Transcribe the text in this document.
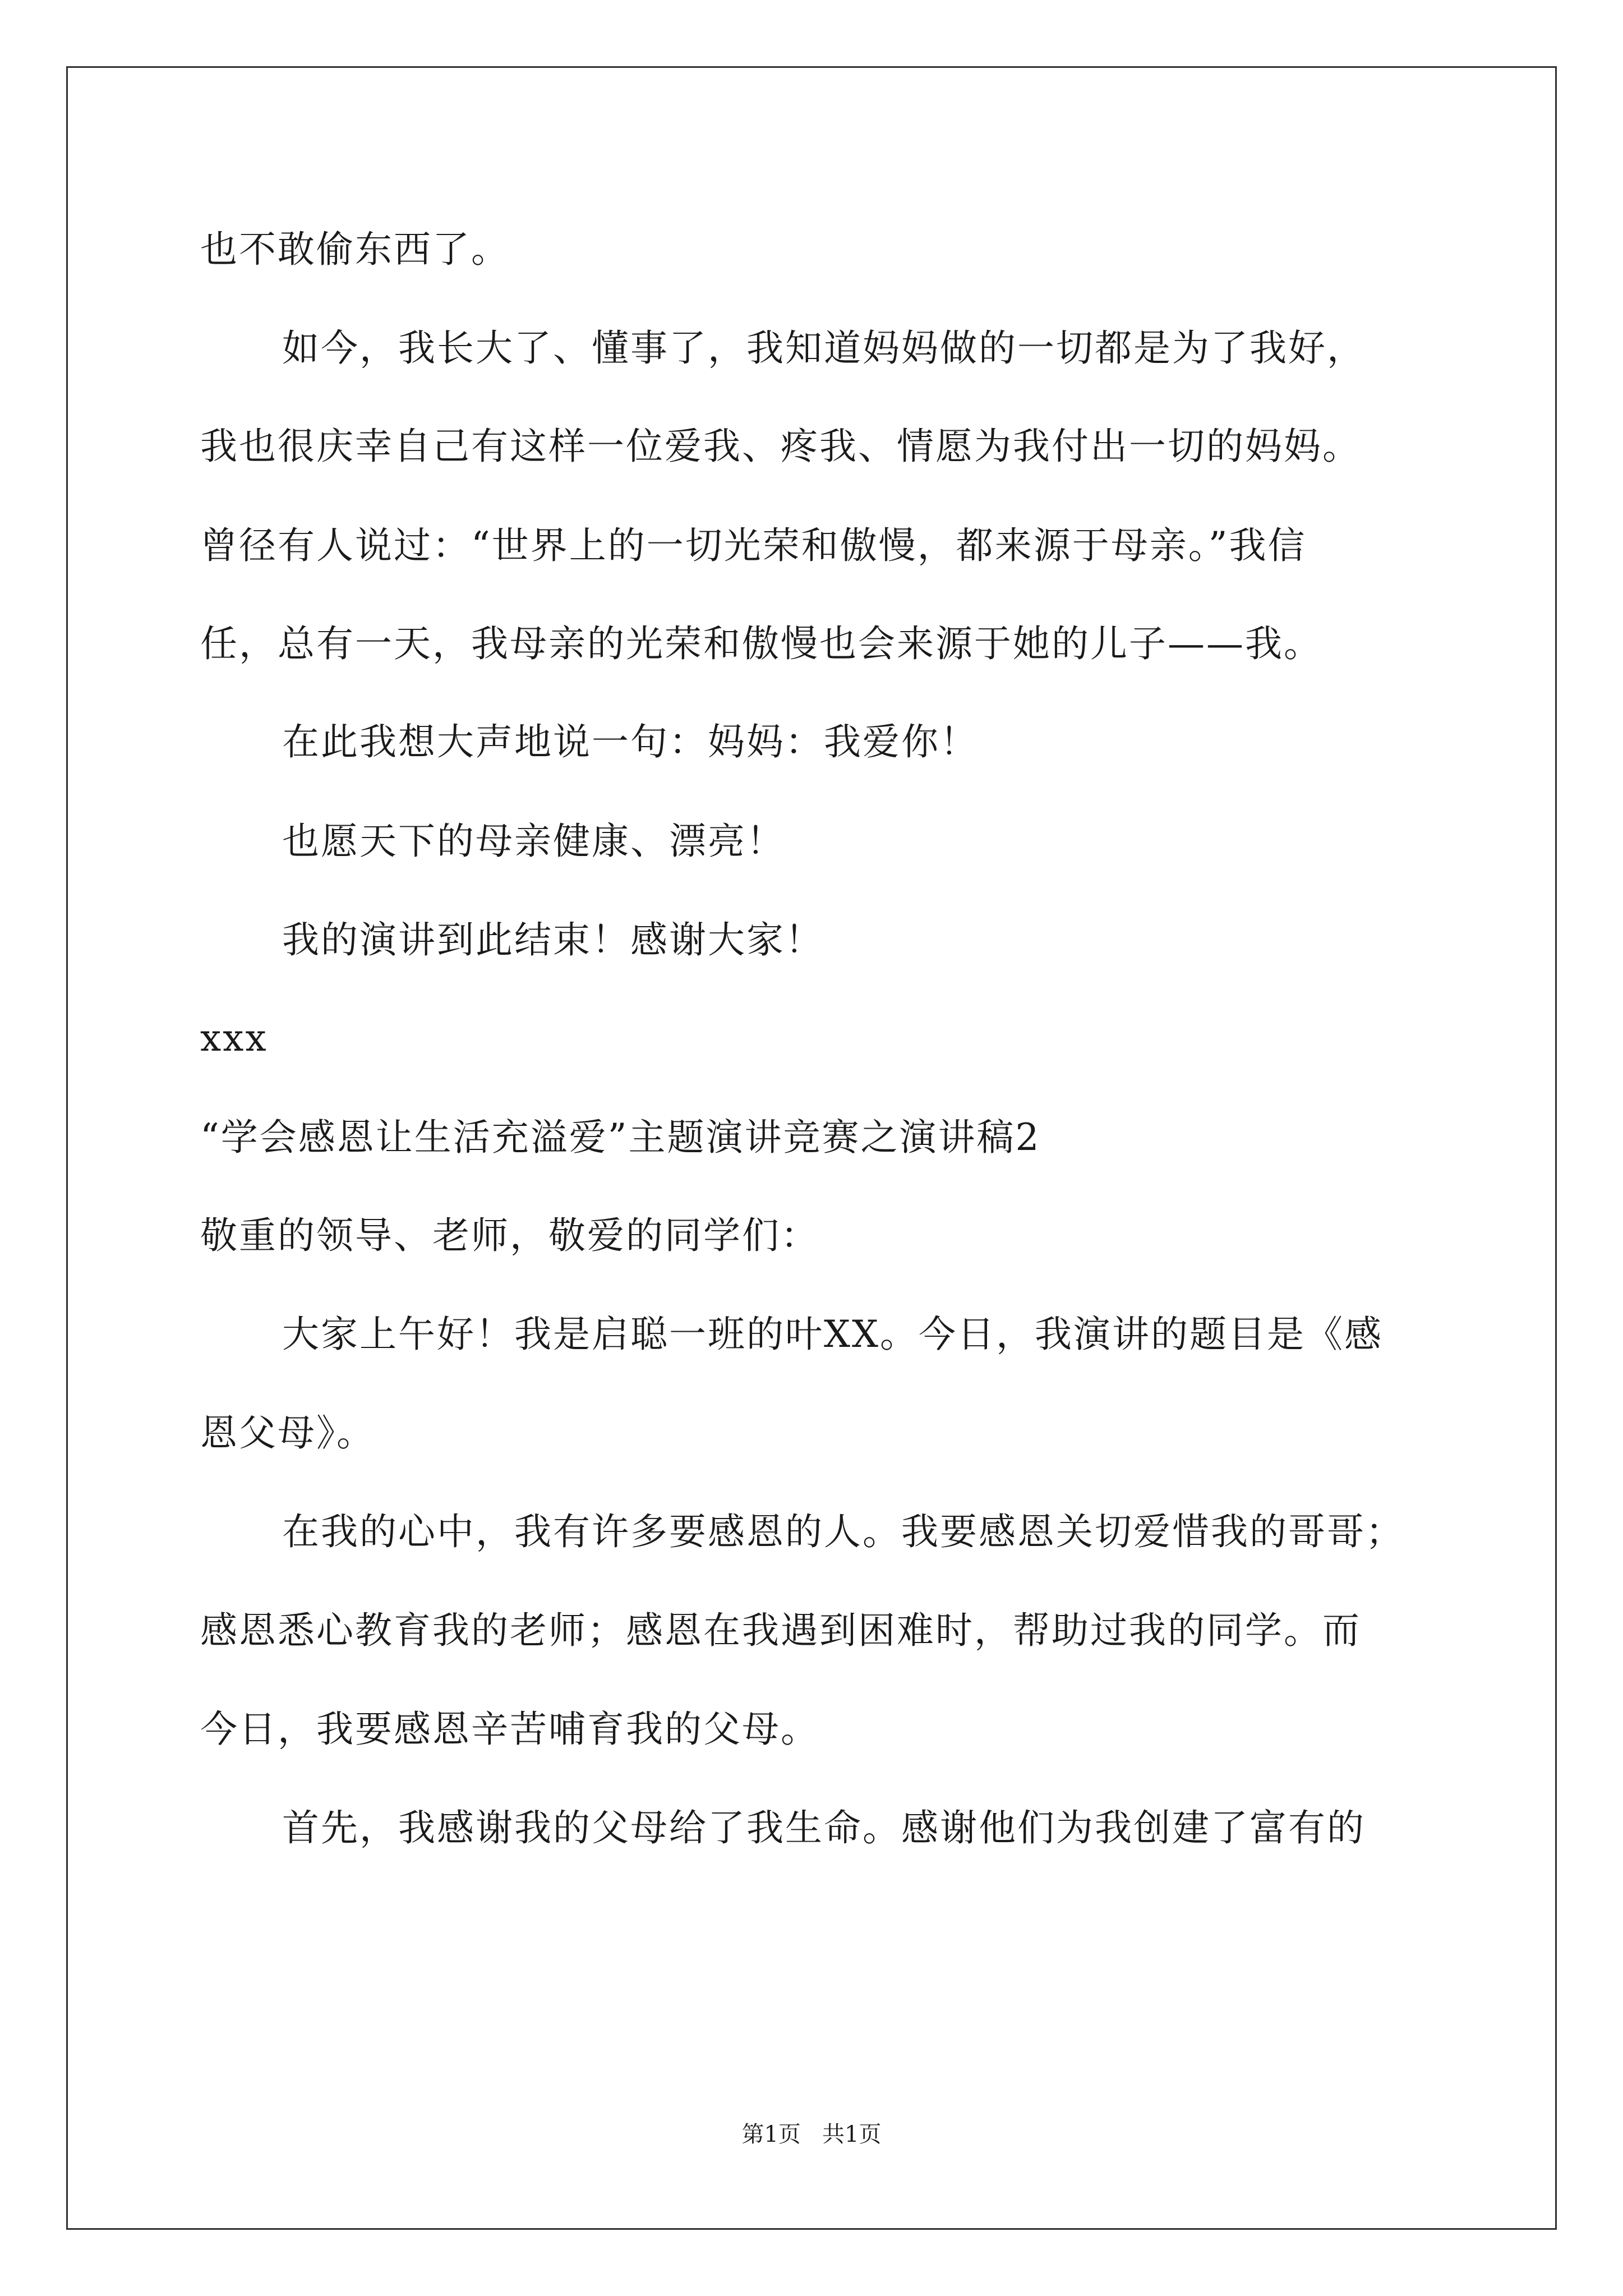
也不敢偷东西了。
如今，我长大了、懂事了，我知道妈妈做的一切都是为了我好，
我也很庆幸自己有这样一位爱我、疼我、情愿为我付出一切的妈妈。
曾径有人说过：“世界上的一切光荣和傲慢，都来源于母亲。”我信
任，总有一天，我母亲的光荣和傲慢也会来源于她的儿子——我。
在此我想大声地说一句：妈妈：我爱你！
也愿天下的母亲健康、漂亮！
我的演讲到此结束！感谢大家！
xxx
“学会感恩让生活充溢爱”主题演讲竞赛之演讲稿2
敬重的领导、老师，敬爱的同学们：
大家上午好！我是启聪一班的叶XX。今日，我演讲的题目是《感
恩父母》。
在我的心中，我有许多要感恩的人。我要感恩关切爱惜我的哥哥；
感恩悉心教育我的老师；感恩在我遇到困难时，帮助过我的同学。而
今日，我要感恩辛苦哺育我的父母。
首先，我感谢我的父母给了我生命。感谢他们为我创建了富有的
第1页   共1页
